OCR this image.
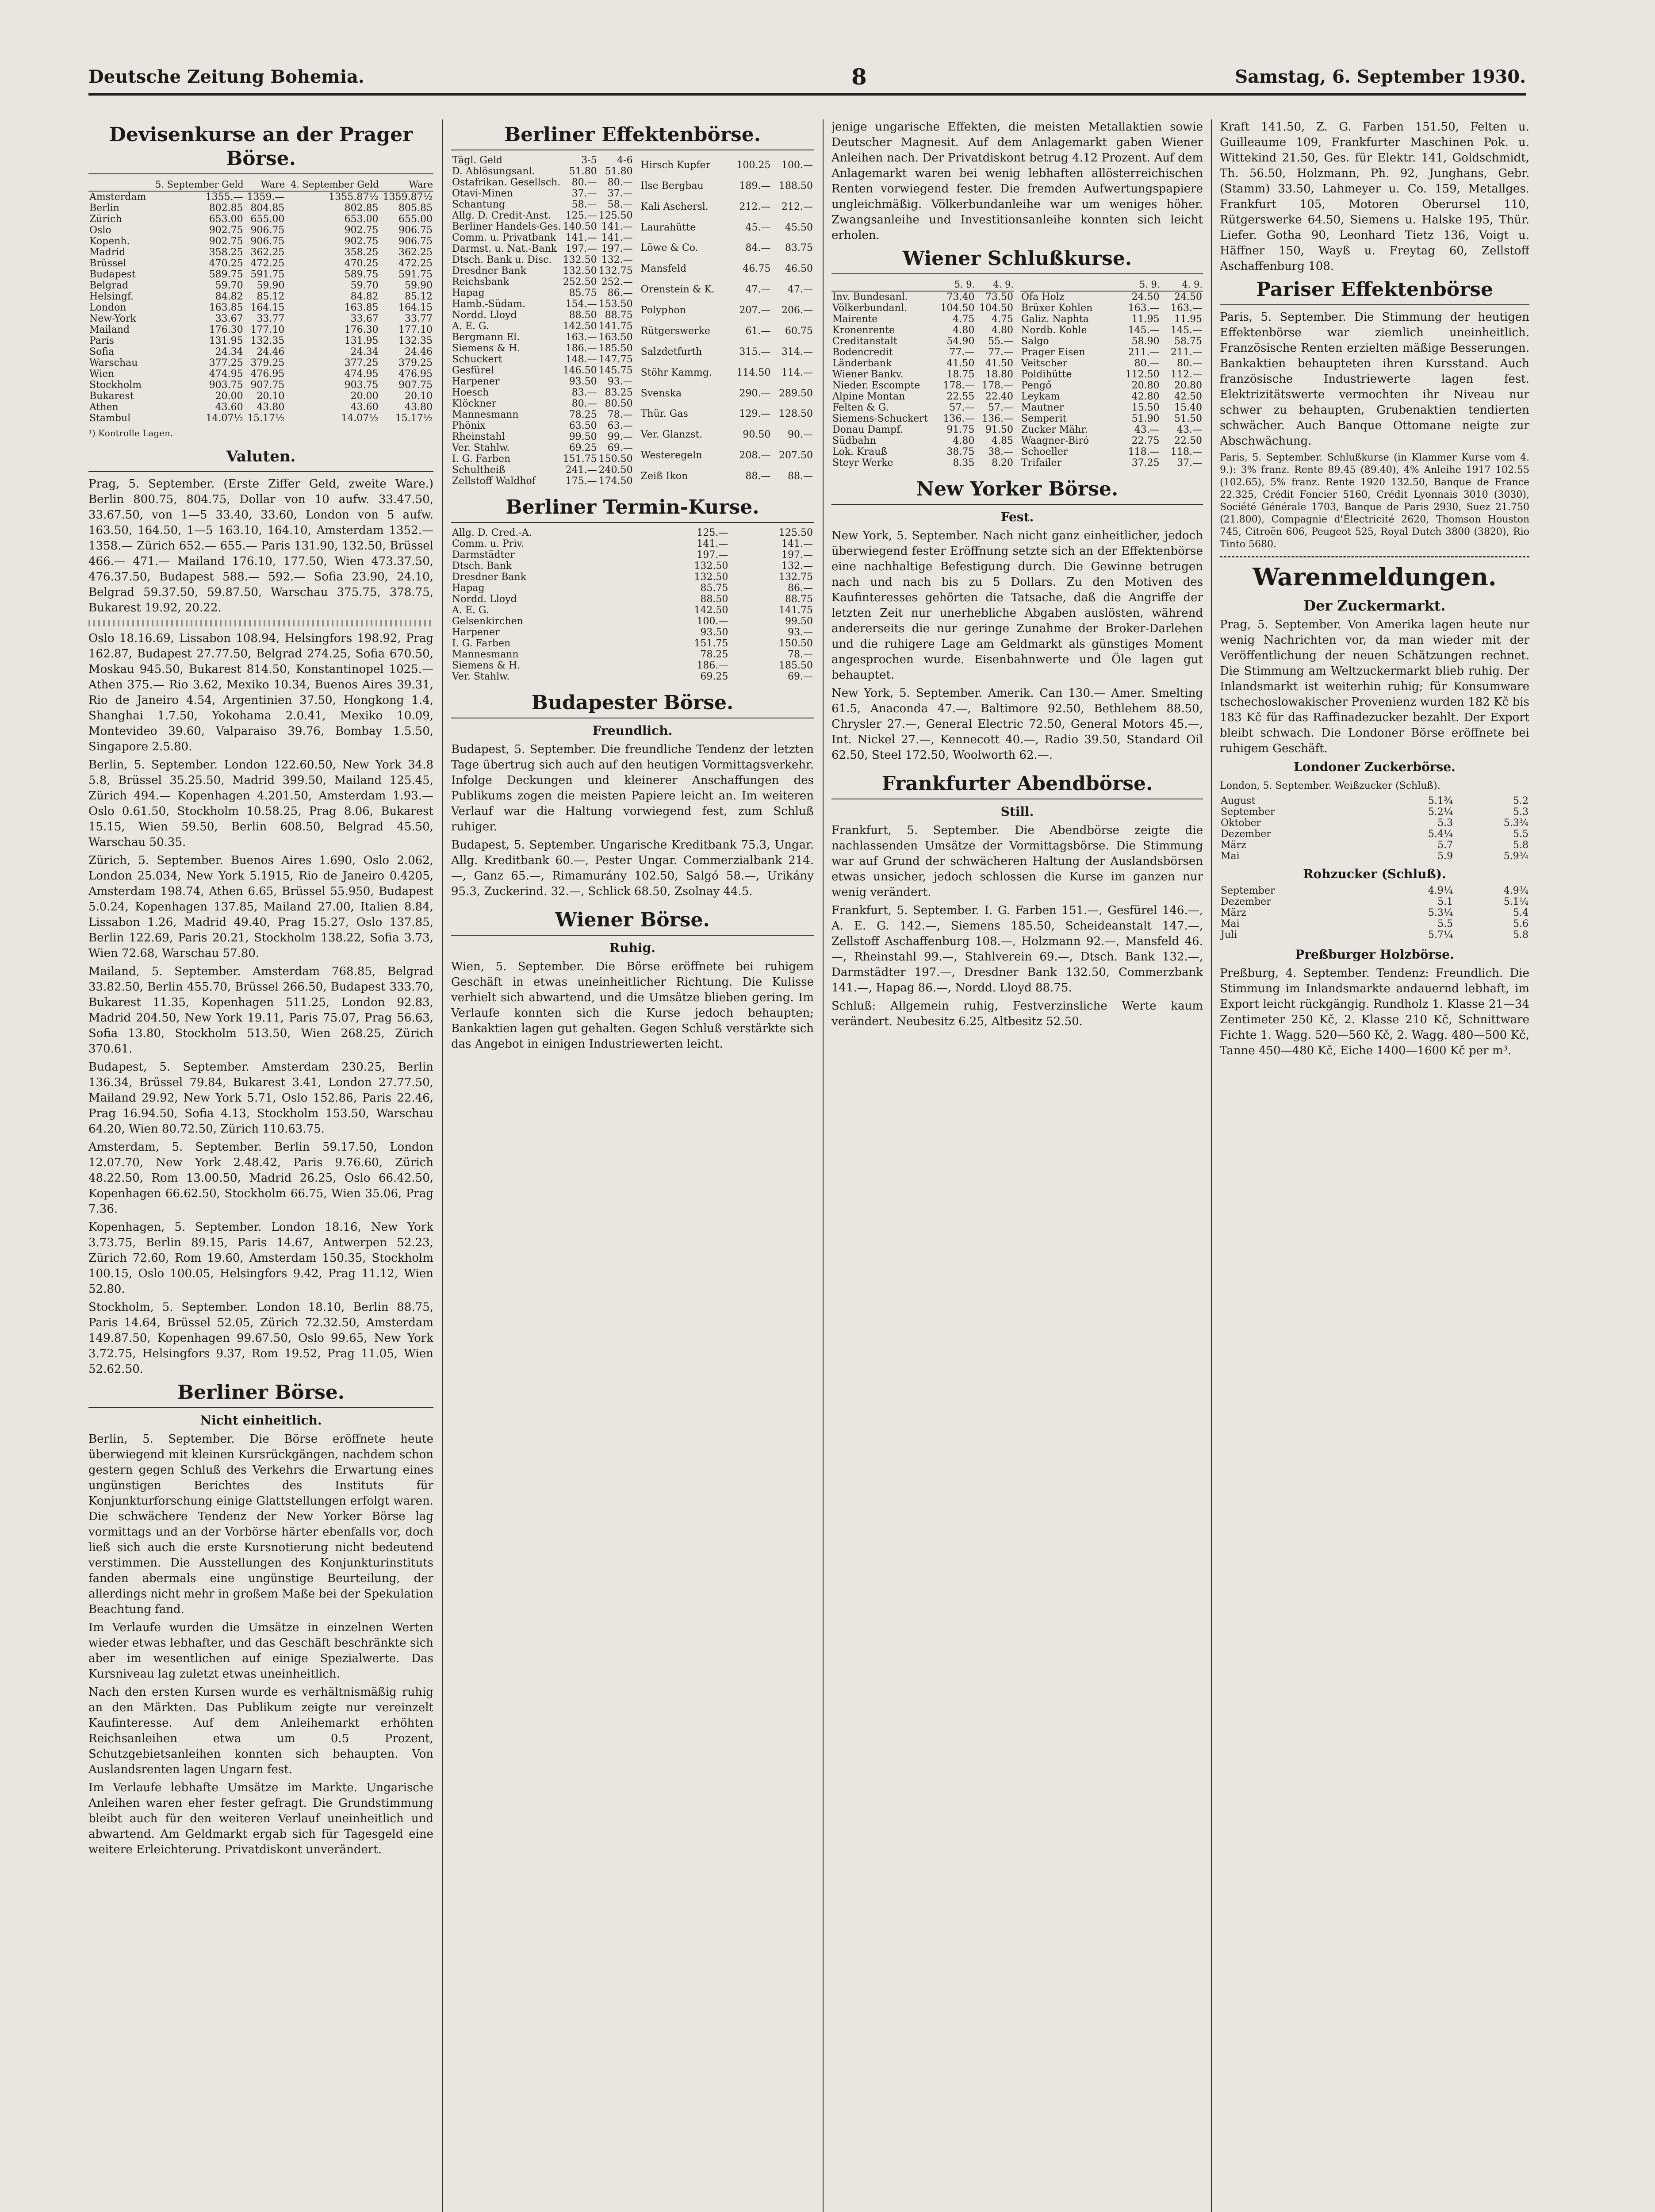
Deutsche Zeitung Bohemia.	8	Samstag, 6. September 1930.
Devisenkurse an der Prager Börse.
	5. September Geld	Ware	4. September Geld	Ware
Amsterdam	1355.—	1359.—	1355.87½	1359.87½
Berlin	802.85	804.85	802.85	805.85
Zürich	653.00	655.00	653.00	655.00
Oslo	902.75	906.75	902.75	906.75
Kopenh.	902.75	906.75	902.75	906.75
Madrid	358.25	362.25	358.25	362.25
Brüssel	470.25	472.25	470.25	472.25
Budapest	589.75	591.75	589.75	591.75
Belgrad	59.70	59.90	59.70	59.90
Helsingf.	84.82	85.12	84.82	85.12
London	163.85	164.15	163.85	164.15
New-York	33.67	33.77	33.67	33.77
Mailand	176.30	177.10	176.30	177.10
Paris	131.95	132.35	131.95	132.35
Sofia	24.34	24.46	24.34	24.46
Warschau	377.25	379.25	377.25	379.25
Wien	474.95	476.95	474.95	476.95
Stockholm	903.75	907.75	903.75	907.75
Bukarest	20.00	20.10	20.00	20.10
Athen	43.60	43.80	43.60	43.80
Stambul	14.07½	15.17½	14.07½	15.17½
¹) Kontrolle Lagen.
Valuten.

Prag, 5. September. (Erste Ziffer Geld, zweite Ware.) Berlin 800.75, 804.75, Dollar von 10 aufw. 33.47.50, 33.67.50, von 1—5 33.40, 33.60, London von 5 aufw. 163.50, 164.50, 1—5 163.10, 164.10, Amsterdam 1352.— 1358.— Zürich 652.— 655.— Paris 131.90, 132.50, Brüssel 466.— 471.— Mailand 176.10, 177.50, Wien 473.37.50, 476.37.50, Budapest 588.— 592.— Sofia 23.90, 24.10, Belgrad 59.37.50, 59.87.50, Warschau 375.75, 378.75, Bukarest 19.92, 20.22.

Oslo 18.16.69, Lissabon 108.94, Helsingfors 198.92, Prag 162.87, Budapest 27.77.50, Belgrad 274.25, Sofia 670.50, Moskau 945.50, Bukarest 814.50, Konstantinopel 1025.— Athen 375.— Rio 3.62, Mexiko 10.34, Buenos Aires 39.31, Rio de Janeiro 4.54, Argentinien 37.50, Hongkong 1.4, Shanghai 1.7.50, Yokohama 2.0.41, Mexiko 10.09, Montevideo 39.60, Valparaiso 39.76, Bombay 1.5.50, Singapore 2.5.80.

Berlin, 5. September. London 122.60.50, New York 34.8 5.8, Brüssel 35.25.50, Madrid 399.50, Mailand 125.45, Zürich 494.— Kopenhagen 4.201.50, Amsterdam 1.93.— Oslo 0.61.50, Stockholm 10.58.25, Prag 8.06, Bukarest 15.15, Wien 59.50, Berlin 608.50, Belgrad 45.50, Warschau 50.35.

Zürich, 5. September. Buenos Aires 1.690, Oslo 2.062, London 25.034, New York 5.1915, Rio de Janeiro 0.4205, Amsterdam 198.74, Athen 6.65, Brüssel 55.950, Budapest 5.0.24, Kopenhagen 137.85, Mailand 27.00, Italien 8.84, Lissabon 1.26, Madrid 49.40, Prag 15.27, Oslo 137.85, Berlin 122.69, Paris 20.21, Stockholm 138.22, Sofia 3.73, Wien 72.68, Warschau 57.80.

Mailand, 5. September. Amsterdam 768.85, Belgrad 33.82.50, Berlin 455.70, Brüssel 266.50, Budapest 333.70, Bukarest 11.35, Kopenhagen 511.25, London 92.83, Madrid 204.50, New York 19.11, Paris 75.07, Prag 56.63, Sofia 13.80, Stockholm 513.50, Wien 268.25, Zürich 370.61.

Budapest, 5. September. Amsterdam 230.25, Berlin 136.34, Brüssel 79.84, Bukarest 3.41, London 27.77.50, Mailand 29.92, New York 5.71, Oslo 152.86, Paris 22.46, Prag 16.94.50, Sofia 4.13, Stockholm 153.50, Warschau 64.20, Wien 80.72.50, Zürich 110.63.75.

Amsterdam, 5. September. Berlin 59.17.50, London 12.07.70, New York 2.48.42, Paris 9.76.60, Zürich 48.22.50, Rom 13.00.50, Madrid 26.25, Oslo 66.42.50, Kopenhagen 66.62.50, Stockholm 66.75, Wien 35.06, Prag 7.36.

Kopenhagen, 5. September. London 18.16, New York 3.73.75, Berlin 89.15, Paris 14.67, Antwerpen 52.23, Zürich 72.60, Rom 19.60, Amsterdam 150.35, Stockholm 100.15, Oslo 100.05, Helsingfors 9.42, Prag 11.12, Wien 52.80.

Stockholm, 5. September. London 18.10, Berlin 88.75, Paris 14.64, Brüssel 52.05, Zürich 72.32.50, Amsterdam 149.87.50, Kopenhagen 99.67.50, Oslo 99.65, New York 3.72.75, Helsingfors 9.37, Rom 19.52, Prag 11.05, Wien 52.62.50.

Berliner Börse.
Nicht einheitlich.

Berlin, 5. September. Die Börse eröffnete heute überwiegend mit kleinen Kursrückgängen, nachdem schon gestern gegen Schluß des Verkehrs die Erwartung eines ungünstigen Berichtes des Instituts für Konjunkturforschung einige Glattstellungen erfolgt waren. Die schwächere Tendenz der New Yorker Börse lag vormittags und an der Vorbörse härter ebenfalls vor, doch ließ sich auch die erste Kursnotierung nicht bedeutend verstimmen. Die Ausstellungen des Konjunkturinstituts fanden abermals eine ungünstige Beurteilung, der allerdings nicht mehr in großem Maße bei der Spekulation Beachtung fand.

Im Verlaufe wurden die Umsätze in einzelnen Werten wieder etwas lebhafter, und das Geschäft beschränkte sich aber im wesentlichen auf einige Spezialwerte. Das Kursniveau lag zuletzt etwas uneinheitlich.

Nach den ersten Kursen wurde es verhältnismäßig ruhig an den Märkten. Das Publikum zeigte nur vereinzelt Kaufinteresse. Auf dem Anleihemarkt erhöhten Reichsanleihen etwa um 0.5 Prozent, Schutzgebietsanleihen konnten sich behaupten. Von Auslandsrenten lagen Ungarn fest.

Im Verlaufe lebhafte Umsätze im Markte. Ungarische Anleihen waren eher fester gefragt. Die Grundstimmung bleibt auch für den weiteren Verlauf uneinheitlich und abwartend. Am Geldmarkt ergab sich für Tagesgeld eine weitere Erleichterung. Privatdiskont unverändert.

Berliner Effektenbörse.
Tägl. Geld	3-5	4-6
D. Ablösungsanl.	51.80	51.80
Ostafrikan. Gesellsch.	80.—	80.—
Otavi-Minen	37.—	37.—
Schantung	58.—	58.—
Allg. D. Credit-Anst.	125.—	125.50
Berliner Handels-Ges.	140.50	141.—
Comm. u. Privatbank	141.—	141.—
Darmst. u. Nat.-Bank	197.—	197.—
Dtsch. Bank u. Disc.	132.50	132.—
Dresdner Bank	132.50	132.75
Reichsbank	252.50	252.—
Hapag	85.75	86.—
Hamb.-Südam.	154.—	153.50
Nordd. Lloyd	88.50	88.75
A. E. G.	142.50	141.75
Bergmann El.	163.—	163.50
Siemens & H.	186.—	185.50
Schuckert	148.—	147.75
Gesfürel	146.50	145.75
Harpener	93.50	93.—
Hoesch	83.—	83.25
Klöckner	80.—	80.50
Mannesmann	78.25	78.—
Phönix	63.50	63.—
Rheinstahl	99.50	99.—
Ver. Stahlw.	69.25	69.—
I. G. Farben	151.75	150.50
Schultheiß	241.—	240.50
Zellstoff Waldhof	175.—	174.50
Hirsch Kupfer	100.25	100.—
Ilse Bergbau	189.—	188.50
Kali Aschersl.	212.—	212.—
Laurahütte	45.—	45.50
Löwe & Co.	84.—	83.75
Mansfeld	46.75	46.50
Orenstein & K.	47.—	47.—
Polyphon	207.—	206.—
Rütgerswerke	61.—	60.75
Salzdetfurth	315.—	314.—
Stöhr Kammg.	114.50	114.—
Svenska	290.—	289.50
Thür. Gas	129.—	128.50
Ver. Glanzst.	90.50	90.—
Westeregeln	208.—	207.50
Zeiß Ikon	88.—	88.—
Berliner Termin-Kurse.
Allg. D. Cred.-A.	125.—	125.50
Comm. u. Priv.	141.—	141.—
Darmstädter	197.—	197.—
Dtsch. Bank	132.50	132.—
Dresdner Bank	132.50	132.75
Hapag	85.75	86.—
Nordd. Lloyd	88.50	88.75
A. E. G.	142.50	141.75
Gelsenkirchen	100.—	99.50
Harpener	93.50	93.—
I. G. Farben	151.75	150.50
Mannesmann	78.25	78.—
Siemens & H.	186.—	185.50
Ver. Stahlw.	69.25	69.—
Budapester Börse.
Freundlich.

Budapest, 5. September. Die freundliche Tendenz der letzten Tage übertrug sich auch auf den heutigen Vormittagsverkehr. Infolge Deckungen und kleinerer Anschaffungen des Publikums zogen die meisten Papiere leicht an. Im weiteren Verlauf war die Haltung vorwiegend fest, zum Schluß ruhiger.

Budapest, 5. September. Ungarische Kreditbank 75.3, Ungar. Allg. Kreditbank 60.—, Pester Ungar. Commerzialbank 214.—, Ganz 65.—, Rimamurány 102.50, Salgó 58.—, Urikány 95.3, Zuckerind. 32.—, Schlick 68.50, Zsolnay 44.5.

Wiener Börse.
Ruhig.

Wien, 5. September. Die Börse eröffnete bei ruhigem Geschäft in etwas uneinheitlicher Richtung. Die Kulisse verhielt sich abwartend, und die Umsätze blieben gering. Im Verlaufe konnten sich die Kurse jedoch behaupten; Bankaktien lagen gut gehalten. Gegen Schluß verstärkte sich das Angebot in einigen Industriewerten leicht.

jenige ungarische Effekten, die meisten Metallaktien sowie Deutscher Magnesit. Auf dem Anlagemarkt gaben Wiener Anleihen nach. Der Privatdiskont betrug 4.12 Prozent. Auf dem Anlagemarkt waren bei wenig lebhaften allösterreichischen Renten vorwiegend fester. Die fremden Aufwertungspapiere ungleichmäßig. Völkerbundanleihe war um weniges höher. Zwangsanleihe und Investitionsanleihe konnten sich leicht erholen.

Wiener Schlußkurse.
	5. 9.	4. 9.
Inv. Bundesanl.	73.40	73.50
Völkerbundanl.	104.50	104.50
Mairente	4.75	4.75
Kronenrente	4.80	4.80
Creditanstalt	54.90	55.—
Bodencredit	77.—	77.—
Länderbank	41.50	41.50
Wiener Bankv.	18.75	18.80
Nieder. Escompte	178.—	178.—
Alpine Montan	22.55	22.40
Felten & G.	57.—	57.—
Siemens-Schuckert	136.—	136.—
Donau Dampf.	91.75	91.50
Südbahn	4.80	4.85
Lok. Krauß	38.75	38.—
Steyr Werke	8.35	8.20
	5. 9.	4. 9.
Ofa Holz	24.50	24.50
Brüxer Kohlen	163.—	163.—
Galiz. Naphta	11.95	11.95
Nordb. Kohle	145.—	145.—
Salgo	58.90	58.75
Prager Eisen	211.—	211.—
Veitscher	80.—	80.—
Poldihütte	112.50	112.—
Pengő	20.80	20.80
Leykam	42.80	42.50
Mautner	15.50	15.40
Semperit	51.90	51.50
Zucker Mähr.	43.—	43.—
Waagner-Biró	22.75	22.50
Schoeller	118.—	118.—
Trifailer	37.25	37.—
New Yorker Börse.
Fest.

New York, 5. September. Nach nicht ganz einheitlicher, jedoch überwiegend fester Eröffnung setzte sich an der Effektenbörse eine nachhaltige Befestigung durch. Die Gewinne betrugen nach und nach bis zu 5 Dollars. Zu den Motiven des Kaufinteresses gehörten die Tatsache, daß die Angriffe der letzten Zeit nur unerhebliche Abgaben auslösten, während andererseits die nur geringe Zunahme der Broker-Darlehen und die ruhigere Lage am Geldmarkt als günstiges Moment angesprochen wurde. Eisenbahnwerte und Öle lagen gut behauptet.

New York, 5. September. Amerik. Can 130.— Amer. Smelting 61.5, Anaconda 47.—, Baltimore 92.50, Bethlehem 88.50, Chrysler 27.—, General Electric 72.50, General Motors 45.—, Int. Nickel 27.—, Kennecott 40.—, Radio 39.50, Standard Oil 62.50, Steel 172.50, Woolworth 62.—.

Frankfurter Abendbörse.
Still.

Frankfurt, 5. September. Die Abendbörse zeigte die nachlassenden Umsätze der Vormittagsbörse. Die Stimmung war auf Grund der schwächeren Haltung der Auslandsbörsen etwas unsicher, jedoch schlossen die Kurse im ganzen nur wenig verändert.

Frankfurt, 5. September. I. G. Farben 151.—, Gesfürel 146.—, A. E. G. 142.—, Siemens 185.50, Scheideanstalt 147.—, Zellstoff Aschaffenburg 108.—, Holzmann 92.—, Mansfeld 46.—, Rheinstahl 99.—, Stahlverein 69.—, Dtsch. Bank 132.—, Darmstädter 197.—, Dresdner Bank 132.50, Commerzbank 141.—, Hapag 86.—, Nordd. Lloyd 88.75.

Schluß: Allgemein ruhig, Festverzinsliche Werte kaum verändert. Neubesitz 6.25, Altbesitz 52.50.

Kraft 141.50, Z. G. Farben 151.50, Felten u. Guilleaume 109, Frankfurter Maschinen Pok. u. Wittekind 21.50, Ges. für Elektr. 141, Goldschmidt, Th. 56.50, Holzmann, Ph. 92, Junghans, Gebr. (Stamm) 33.50, Lahmeyer u. Co. 159, Metallges. Frankfurt 105, Motoren Oberursel 110, Rütgerswerke 64.50, Siemens u. Halske 195, Thür. Liefer. Gotha 90, Leonhard Tietz 136, Voigt u. Häffner 150, Wayß u. Freytag 60, Zellstoff Aschaffenburg 108.

Pariser Effektenbörse

Paris, 5. September. Die Stimmung der heutigen Effektenbörse war ziemlich uneinheitlich. Französische Renten erzielten mäßige Besserungen. Bankaktien behaupteten ihren Kursstand. Auch französische Industriewerte lagen fest. Elektrizitätswerte vermochten ihr Niveau nur schwer zu behaupten, Grubenaktien tendierten schwächer. Auch Banque Ottomane neigte zur Abschwächung.

Paris, 5. September. Schlußkurse (in Klammer Kurse vom 4. 9.): 3% franz. Rente 89.45 (89.40), 4% Anleihe 1917 102.55 (102.65), 5% franz. Rente 1920 132.50, Banque de France 22.325, Crédit Foncier 5160, Crédit Lyonnais 3010 (3030), Société Générale 1703, Banque de Paris 2930, Suez 21.750 (21.800), Compagnie d'Électricité 2620, Thomson Houston 745, Citroën 606, Peugeot 525, Royal Dutch 3800 (3820), Rio Tinto 5680.

Warenmeldungen.
Der Zuckermarkt.

Prag, 5. September. Von Amerika lagen heute nur wenig Nachrichten vor, da man wieder mit der Veröffentlichung der neuen Schätzungen rechnet. Die Stimmung am Weltzuckermarkt blieb ruhig. Der Inlandsmarkt ist weiterhin ruhig; für Konsumware tschechoslowakischer Provenienz wurden 182 Kč bis 183 Kč für das Raffinadezucker bezahlt. Der Export bleibt schwach. Die Londoner Börse eröffnete bei ruhigem Geschäft.

Londoner Zuckerbörse.
London, 5. September. Weißzucker (Schluß).
August	5.1¾	5.2
September	5.2¼	5.3
Oktober	5.3	5.3¾
Dezember	5.4¼	5.5
März	5.7	5.8
Mai	5.9	5.9¾
Rohzucker (Schluß).
September	4.9¼	4.9¾
Dezember	5.1	5.1¼
März	5.3¼	5.4
Mai	5.5	5.6
Juli	5.7¼	5.8
Preßburger Holzbörse.

Preßburg, 4. September. Tendenz: Freundlich. Die Stimmung im Inlandsmarkte andauernd lebhaft, im Export leicht rückgängig. Rundholz 1. Klasse 21—34 Zentimeter 250 Kč, 2. Klasse 210 Kč, Schnittware Fichte 1. Wagg. 520—560 Kč, 2. Wagg. 480—500 Kč, Tanne 450—480 Kč, Eiche 1400—1600 Kč per m³.
